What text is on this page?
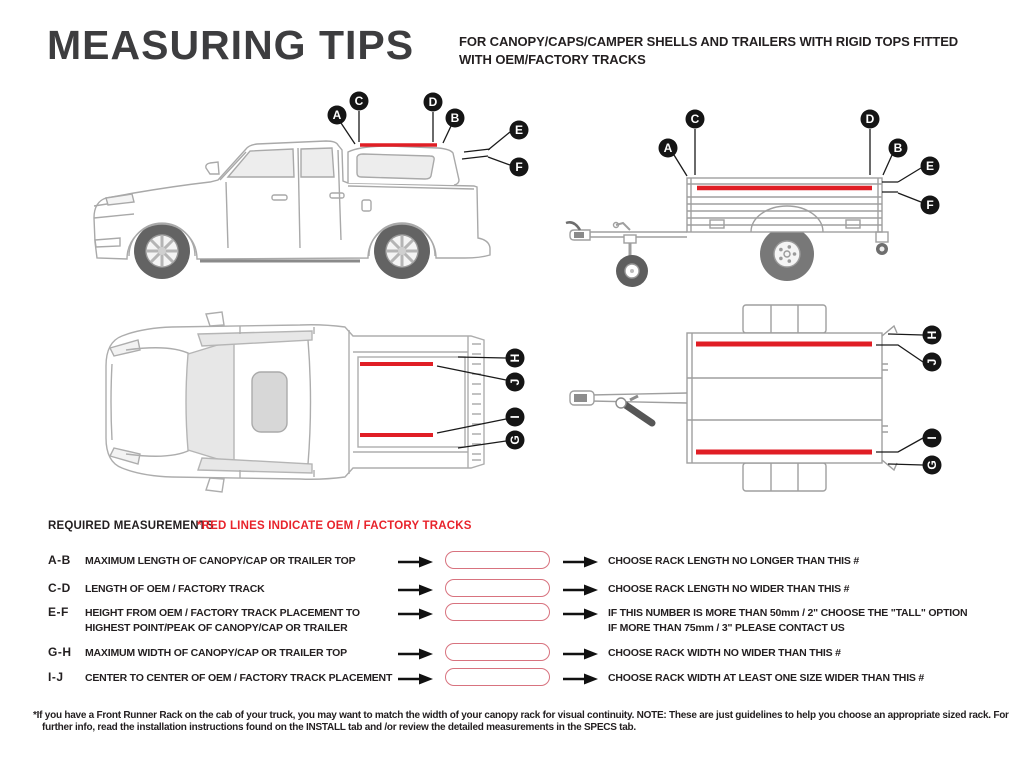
MEASURING TIPS	FOR CANOPY/CAPS/CAMPER SHELLS AND TRAILERS WITH RIGID TOPS FITTED
WITH OEM/FACTORY TRACKS
A
C	D
B
E
F
C	D
A	B
E
F
H
J
I
G
H
J
I
G
REQUIRED MEASUREMENTS
*RED LINES INDICATE OEM / FACTORY TRACKS
A-B MAXIMUM LENGTH OF CANOPY/CAP OR TRAILER TOP	CHOOSE RACK LENGTH NO LONGER THAN THIS #
C-D LENGTH OF OEM / FACTORY TRACK	CHOOSE RACK LENGTH NO WIDER THAN THIS #
E-F HEIGHT FROM OEM / FACTORY TRACK PLACEMENT TO
HIGHEST POINT/PEAK OF CANOPY/CAP OR TRAILER
IF THIS NUMBER IS MORE THAN 50mm / 2" CHOOSE THE "TALL" OPTION
IF MORE THAN 75mm / 3" PLEASE CONTACT US
G-H MAXIMUM WIDTH OF CANOPY/CAP OR TRAILER TOP	CHOOSE RACK WIDTH NO WIDER THAN THIS #
I-J CENTER TO CENTER OF OEM / FACTORY TRACK PLACEMENT	CHOOSE RACK WIDTH AT LEAST ONE SIZE WIDER THAN THIS #
*If you have a Front Runner Rack on the cab of your truck, you may want to match the width of your canopy rack for visual continuity. NOTE: These are just guidelines to help you choose an appropriate sized rack. For further info, read the installation instructions found on the INSTALL tab and /or review the detailed measurements in the SPECS tab.
